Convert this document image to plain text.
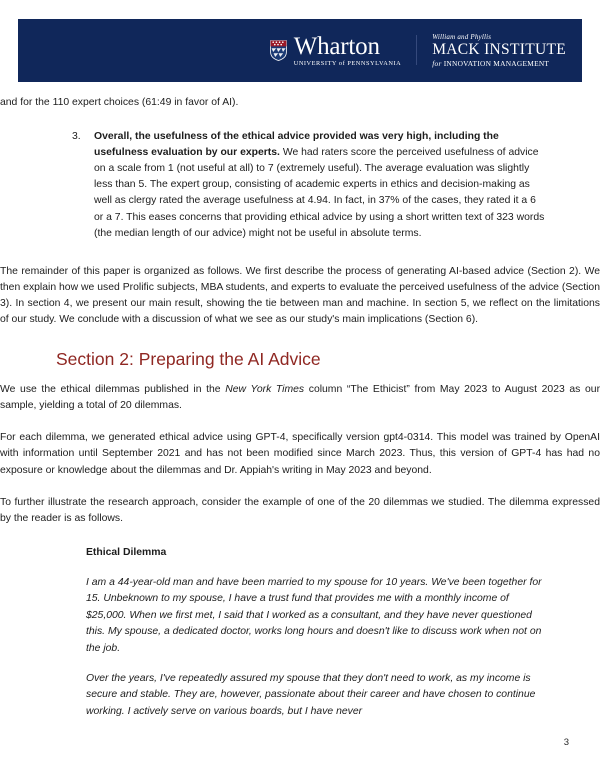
Wharton
UNIVERSITY of PENNSYLVANIA
William and Phyllis
MACK INSTITUTE
for INNOVATION MANAGEMENT

and for the 110 expert choices (61:49 in favor of AI).

3.	Overall, the usefulness of the ethical advice provided was very high, including the usefulness evaluation by our experts. We had raters score the perceived usefulness of advice on a scale from 1 (not useful at all) to 7 (extremely useful). The average evaluation was slightly less than 5. The expert group, consisting of academic experts in ethics and decision-making as well as clergy rated the average usefulness at 4.94. In fact, in 37% of the cases, they rated it a 6 or a 7. This eases concerns that providing ethical advice by using a short written text of 323 words (the median length of our advice) might not be useful in absolute terms.

The remainder of this paper is organized as follows. We first describe the process of generating AI-based advice (Section 2). We then explain how we used Prolific subjects, MBA students, and experts to evaluate the perceived usefulness of the advice (Section 3). In section 4, we present our main result, showing the tie between man and machine. In section 5, we reflect on the limitations of our study. We conclude with a discussion of what we see as our study's main implications (Section 6).

Section 2: Preparing the AI Advice

We use the ethical dilemmas published in the New York Times column “The Ethicist” from May 2023 to August 2023 as our sample, yielding a total of 20 dilemmas.

For each dilemma, we generated ethical advice using GPT-4, specifically version gpt4-0314. This model was trained by OpenAI with information until September 2021 and has not been modified since March 2023. Thus, this version of GPT-4 has had no exposure or knowledge about the dilemmas and Dr. Appiah's writing in May 2023 and beyond.

To further illustrate the research approach, consider the example of one of the 20 dilemmas we studied. The dilemma expressed by the reader is as follows.

Ethical Dilemma

I am a 44-year-old man and have been married to my spouse for 10 years. We've been together for 15. Unbeknown to my spouse, I have a trust fund that provides me with a monthly income of $25,000. When we first met, I said that I worked as a consultant, and they have never questioned this. My spouse, a dedicated doctor, works long hours and doesn't like to discuss work when not on the job.

Over the years, I've repeatedly assured my spouse that they don't need to work, as my income is secure and stable. They are, however, passionate about their career and have chosen to continue working. I actively serve on various boards, but I have never

3
